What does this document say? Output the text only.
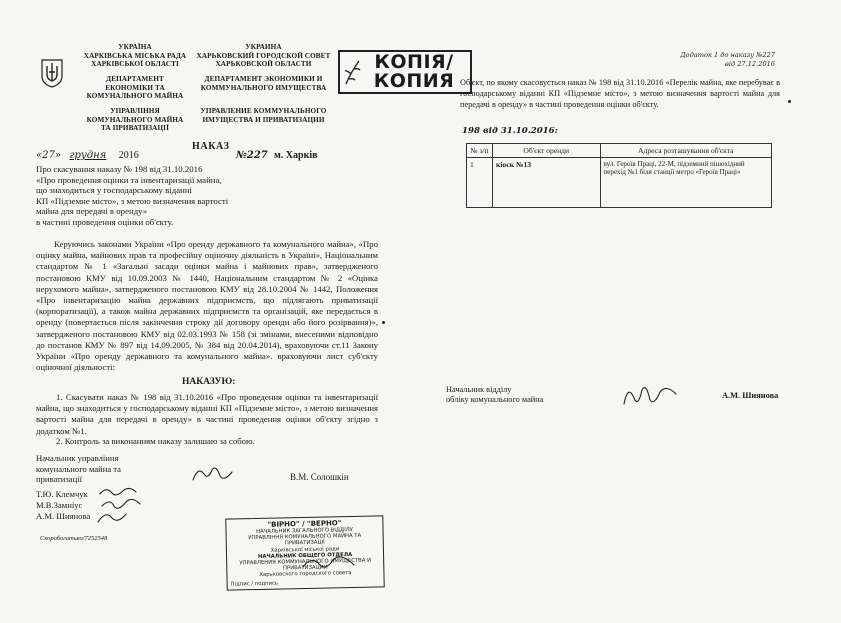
УКРАЇНА
ХАРКІВСЬКА МІСЬКА РАДА
ХАРКІВСЬКОЇ ОБЛАСТІ
ДЕПАРТАМЕНТ
ЕКОНОМІКИ ТА
КОМУНАЛЬНОГО МАЙНА
УПРАВЛІННЯ
КОМУНАЛЬНОГО МАЙНА
ТА ПРИВАТИЗАЦІЇ
УКРАИНА
ХАРЬКОВСКИЙ ГОРОДСКОЙ СОВЕТ
ХАРЬКОВСКОЙ ОБЛАСТИ
ДЕПАРТАМЕНТ ЭКОНОМИКИ И
КОММУНАЛЬНОГО ИМУЩЕСТВА
УПРАВЛЕНИЕ КОММУНАЛЬНОГО
ИМУЩЕСТВА И ПРИВАТИЗАЦИИ
КОПІЯ/
КОПИЯ
НАКАЗ
«27» грудня 2016	№227 м. Харків
Про скасування наказу № 198 від 31.10.2016
«Про проведення оцінки та інвентаризації майна,
що знаходиться у господарському віданні
КП «Підземне місто», з метою визначення вартості
майна для передачі в оренду»
в частині проведення оцінки об'єкту.
Керуючись законами України «Про оренду державного та комунального майна», «Про оцінку майна, майнових прав та професійну оціночну діяльність в Україні», Національним стандартом № 1 «Загальні засади оцінки майна і майнових прав», затвердженого постановою КМУ від 10.09.2003 № 1440, Національним стандартом № 2 «Оцінка нерухомого майна», затвердженого постановою КМУ від 28.10.2004 № 1442, Положення «Про інвентаризацію майна державних підприємств, що підлягають приватизації (корпоратизації), а також майна державних підприємств та організацій, яке передається в оренду (повертається після закінчення строку дії договору оренди або його розірвання)», затвердженого постановою КМУ від 02.03.1993 № 158 (зі змінами, внесеними відповідно до постанов КМУ № 897 від 14.09.2005, № 384 від 20.04.2014), враховуючи ст.11 Закону України «Про оренду державного та комунального майна». враховуючи лист суб'єкту оціночної діяльності:
НАКАЗУЮ:
1. Скасувати наказ № 198 від 31.10.2016 «Про проведення оцінки та інвентаризації майна, що знаходиться у господарському віданні КП «Підземне місто», з метою визначення вартості майна для передачі в оренду» в частині проведення оцінки об'єкту згідно з додатком №1.
2. Контроль за виконанням наказу залишаю за собою.
Начальник управління
комунального майна та
приватизації	В.М. Солошкін
Т.Ю. Клемчук
М.В.Замніус
А.М. Шиянова
Скоробогатько/7252548
"ВІРНО" / "ВЕРНО"
НАЧАЛЬНИК ЗАГАЛЬНОГО ВІДДІЛУ
УПРАВЛІННЯ КОМУНАЛЬНОГО МАЙНА ТА ПРИВАТИЗАЦІЇ
Харківської міської ради
НАЧАЛЬНИК ОБЩЕГО ОТДЕЛА
УПРАВЛЕНИЯ КОММУНАЛЬНОГО ИМУЩЕСТВА И ПРИВАТИЗАЦИИ
Харьковского городского совета
Підпис / подпись
Додаток 1 до наказу №227
від 27.12.2016
Об'єкт, по якому скасовується наказ № 198 від 31.10.2016 «Перелік майна, яке перебуває в господарському віданні КП «Підземне місто», з метою визначення вартості майна для передачі в оренду» в частині проведення оцінки об'єкту.
198 від 31.10.2016:
№ з/п	Об'єкт оренди	Адреса розташування об'єкта
1	кіоск №13	вул. Героїв Праці, 22-М, підземний пішохідний перехід №1 біля станції метро «Героїв Праці»
Начальник відділу
обліку комунального майна	А.М. Шиянова
